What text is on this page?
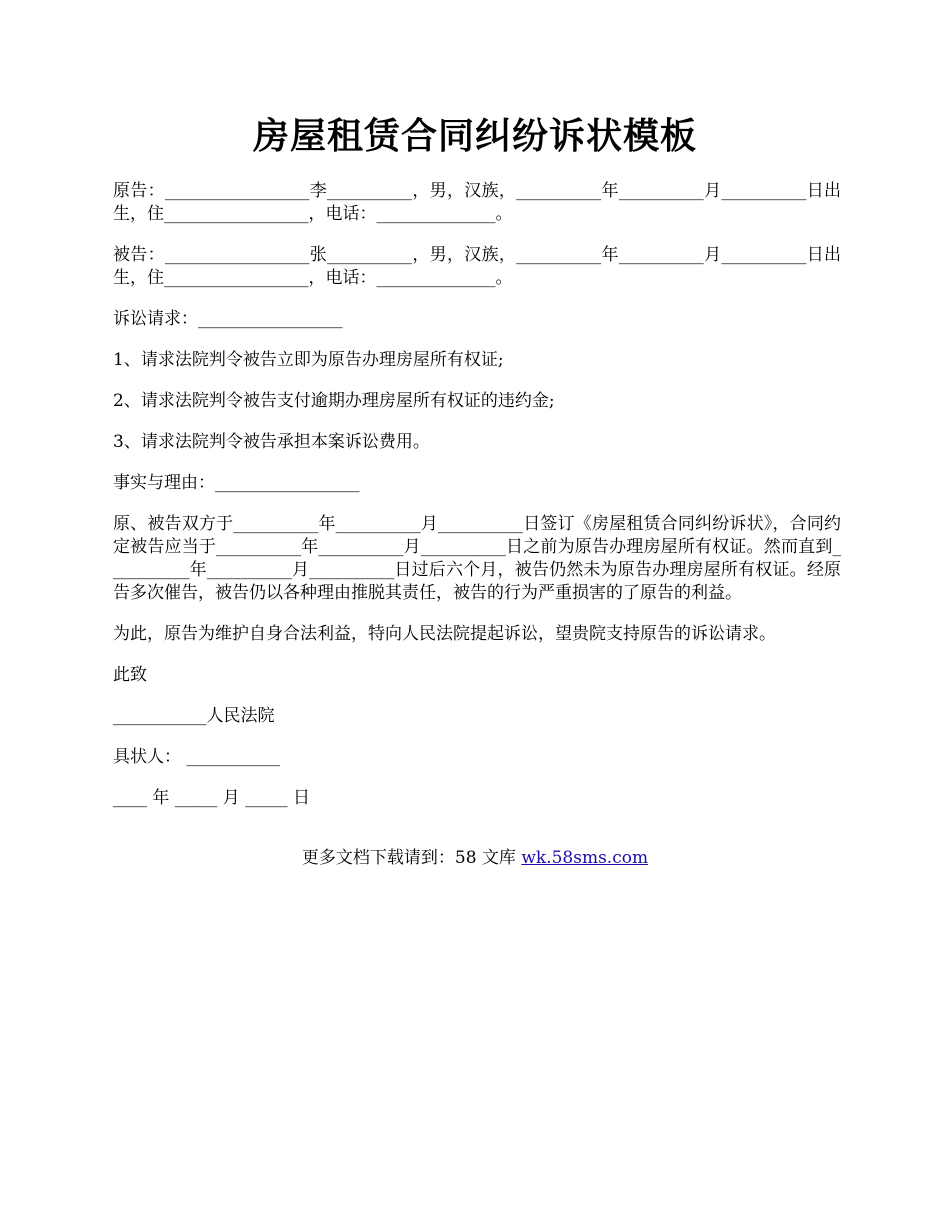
房屋租赁合同纠纷诉状模板

原告：_________________李__________，男，汉族，__________年__________月__________日出生，住_________________，电话：______________。

被告：_________________张__________，男，汉族，__________年__________月__________日出生，住_________________，电话：______________。

诉讼请求：_________________

1、请求法院判令被告立即为原告办理房屋所有权证;

2、请求法院判令被告支付逾期办理房屋所有权证的违约金;

3、请求法院判令被告承担本案诉讼费用。

事实与理由：_________________

原、被告双方于__________年__________月__________日签订《房屋租赁合同纠纷诉状》，合同约定被告应当于__________年__________月__________日之前为原告办理房屋所有权证。然而直到__________年__________月__________日过后六个月，被告仍然未为原告办理房屋所有权证。经原告多次催告，被告仍以各种理由推脱其责任，被告的行为严重损害的了原告的利益。

为此，原告为维护自身合法利益，特向人民法院提起诉讼，望贵院支持原告的诉讼请求。

此致

___________人民法院

具状人： ___________

____ 年 _____ 月 _____ 日

更多文档下载请到：58 文库 wk.58sms.com
